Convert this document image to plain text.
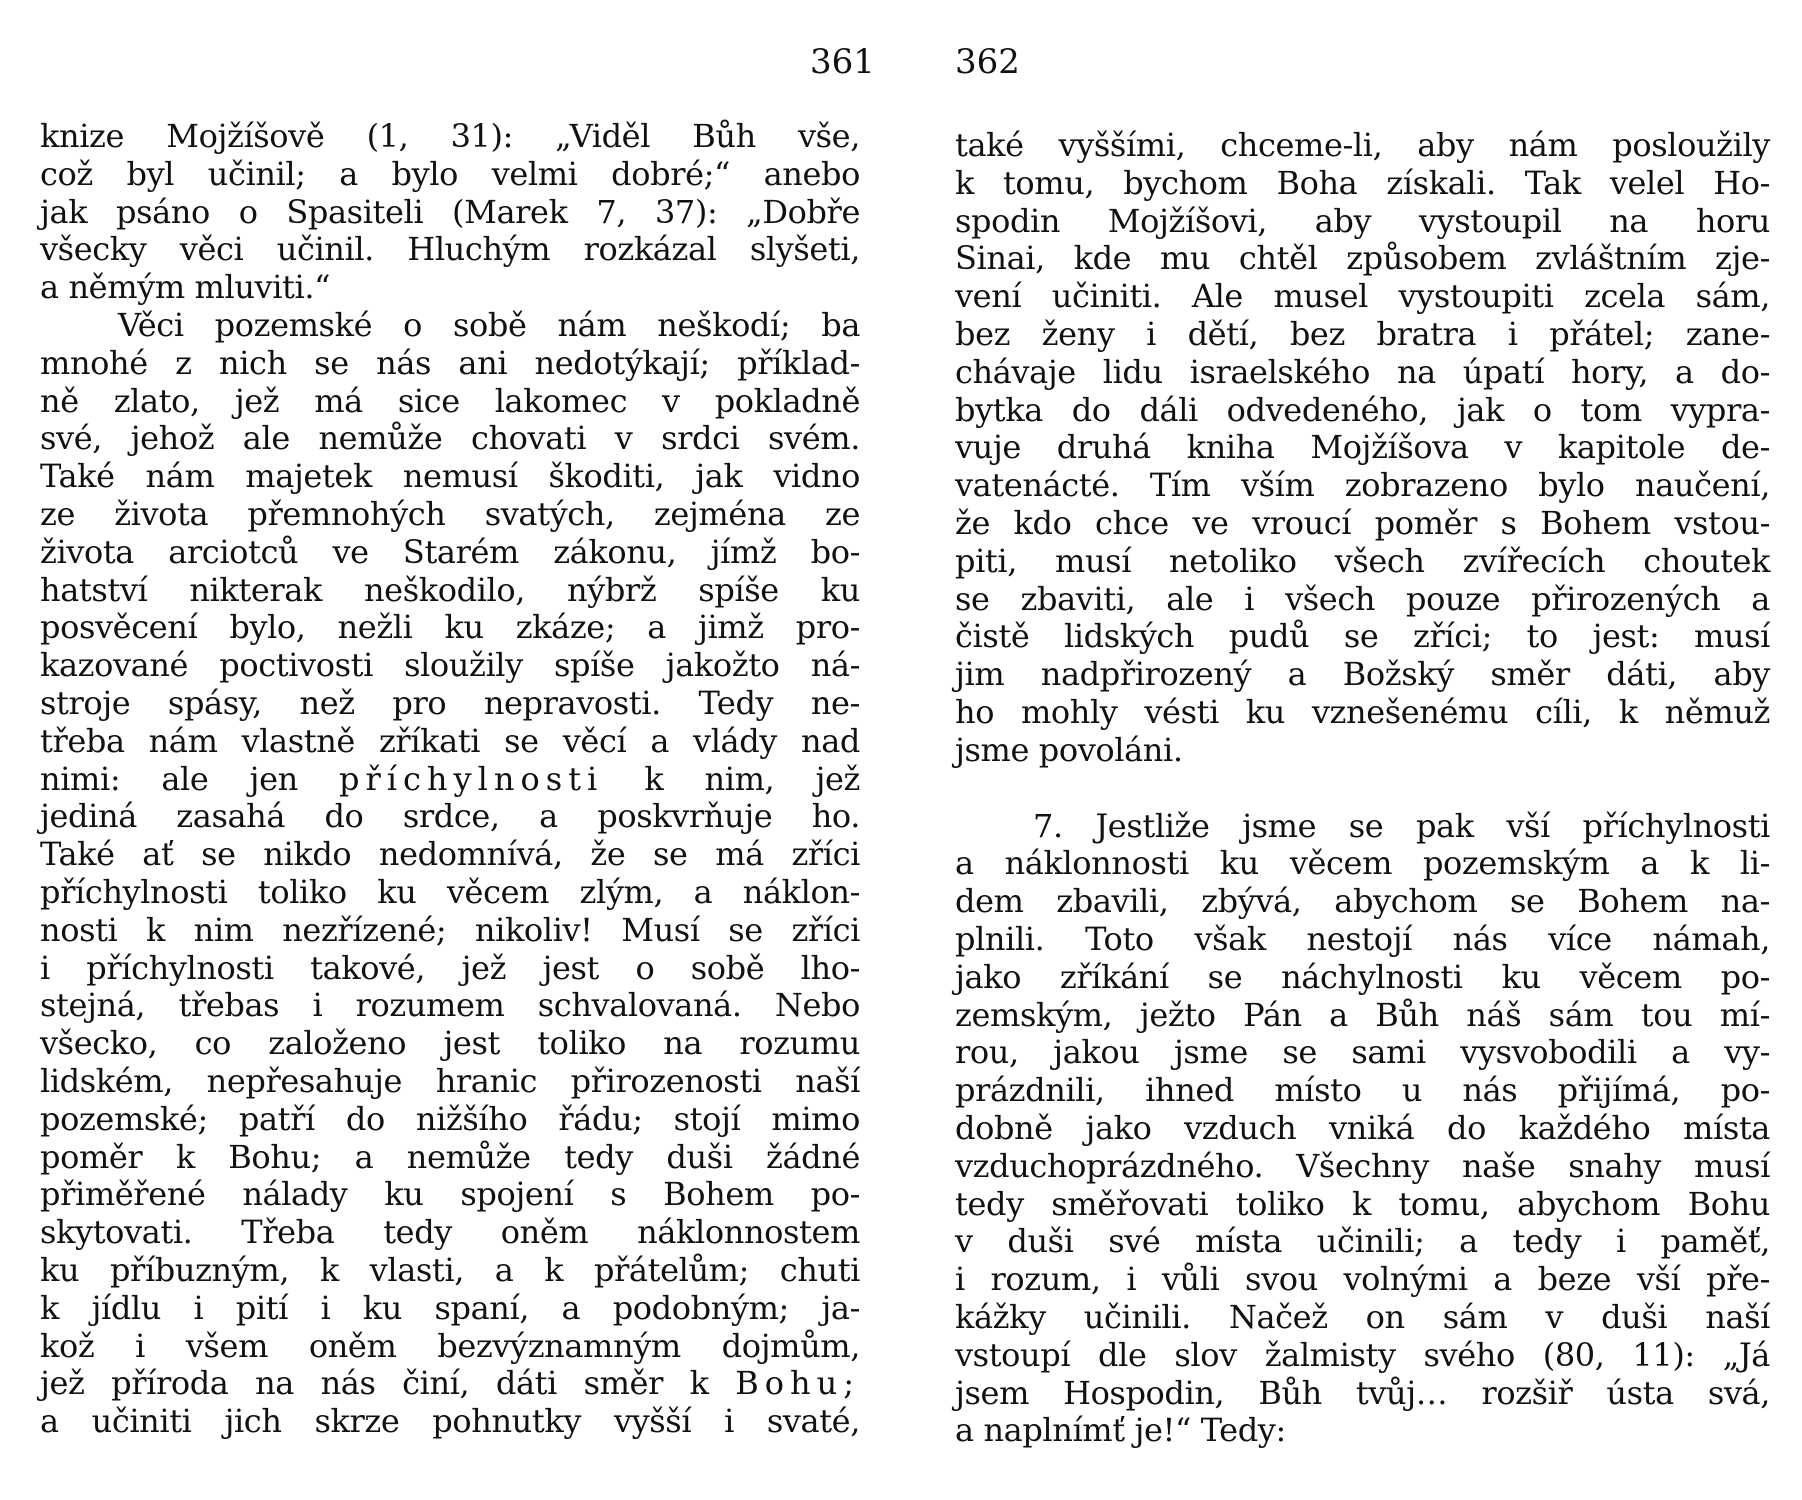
361 362
knize Mojžíšově (1, 31): „Viděl Bůh vše,
což byl učinil; a bylo velmi dobré;“ anebo
jak psáno o Spasiteli (Marek 7, 37): „Dobře
všecky věci učinil. Hluchým rozkázal slyšeti,
a němým mluviti.“
Věci pozemské o sobě nám neškodí; ba
mnohé z nich se nás ani nedotýkají; příklad-
ně zlato, jež má sice lakomec v pokladně
své, jehož ale nemůže chovati v srdci svém.
Také nám majetek nemusí škoditi, jak vidno
ze života přemnohých svatých, zejména ze
života arciotců ve Starém zákonu, jímž bo-
hatství nikterak neškodilo, nýbrž spíše ku
posvěcení bylo, nežli ku zkáze; a jimž pro-
kazované poctivosti sloužily spíše jakožto ná-
stroje spásy, než pro nepravosti. Tedy ne-
třeba nám vlastně zříkati se věcí a vlády nad
nimi: ale jen příchylnosti k nim, jež
jediná zasahá do srdce, a poskvrňuje ho.
Také ať se nikdo nedomnívá, že se má zříci
příchylnosti toliko ku věcem zlým, a náklon-
nosti k nim nezřízené; nikoliv! Musí se zříci
i příchylnosti takové, jež jest o sobě lho-
stejná, třebas i rozumem schvalovaná. Nebo
všecko, co založeno jest toliko na rozumu
lidském, nepřesahuje hranic přirozenosti naší
pozemské; patří do nižšího řádu; stojí mimo
poměr k Bohu; a nemůže tedy duši žádné
přiměřené nálady ku spojení s Bohem po-
skytovati. Třeba tedy oněm náklonnostem
ku příbuzným, k vlasti, a k přátelům; chuti
k jídlu i pití i ku spaní, a podobným; ja-
kož i všem oněm bezvýznamným dojmům,
jež příroda na nás činí, dáti směr k Bohu;
a učiniti jich skrze pohnutky vyšší i svaté,
také vyššími, chceme-li, aby nám posloužily
k tomu, bychom Boha získali. Tak velel Ho-
spodin Mojžíšovi, aby vystoupil na horu
Sinai, kde mu chtěl způsobem zvláštním zje-
vení učiniti. Ale musel vystoupiti zcela sám,
bez ženy i dětí, bez bratra i přátel; zane-
chávaje lidu israelského na úpatí hory, a do-
bytka do dáli odvedeného, jak o tom vypra-
vuje druhá kniha Mojžíšova v kapitole de-
vatenácté. Tím vším zobrazeno bylo naučení,
že kdo chce ve vroucí poměr s Bohem vstou-
piti, musí netoliko všech zvířecích choutek
se zbaviti, ale i všech pouze přirozených a
čistě lidských pudů se zříci; to jest: musí
jim nadpřirozený a Božský směr dáti, aby
ho mohly vésti ku vznešenému cíli, k němuž
jsme povoláni.
7. Jestliže jsme se pak vší příchylnosti
a náklonnosti ku věcem pozemským a k li-
dem zbavili, zbývá, abychom se Bohem na-
plnili. Toto však nestojí nás více námah,
jako zříkání se náchylnosti ku věcem po-
zemským, ježto Pán a Bůh náš sám tou mí-
rou, jakou jsme se sami vysvobodili a vy-
prázdnili, ihned místo u nás přijímá, po-
dobně jako vzduch vniká do každého místa
vzduchoprázdného. Všechny naše snahy musí
tedy směřovati toliko k tomu, abychom Bohu
v duši své místa učinili; a tedy i paměť,
i rozum, i vůli svou volnými a beze vší pře-
kážky učinili. Načež on sám v duši naší
vstoupí dle slov žalmisty svého (80, 11): „Já
jsem Hospodin, Bůh tvůj… rozšiř ústa svá,
a naplnímť je!“ Tedy:
